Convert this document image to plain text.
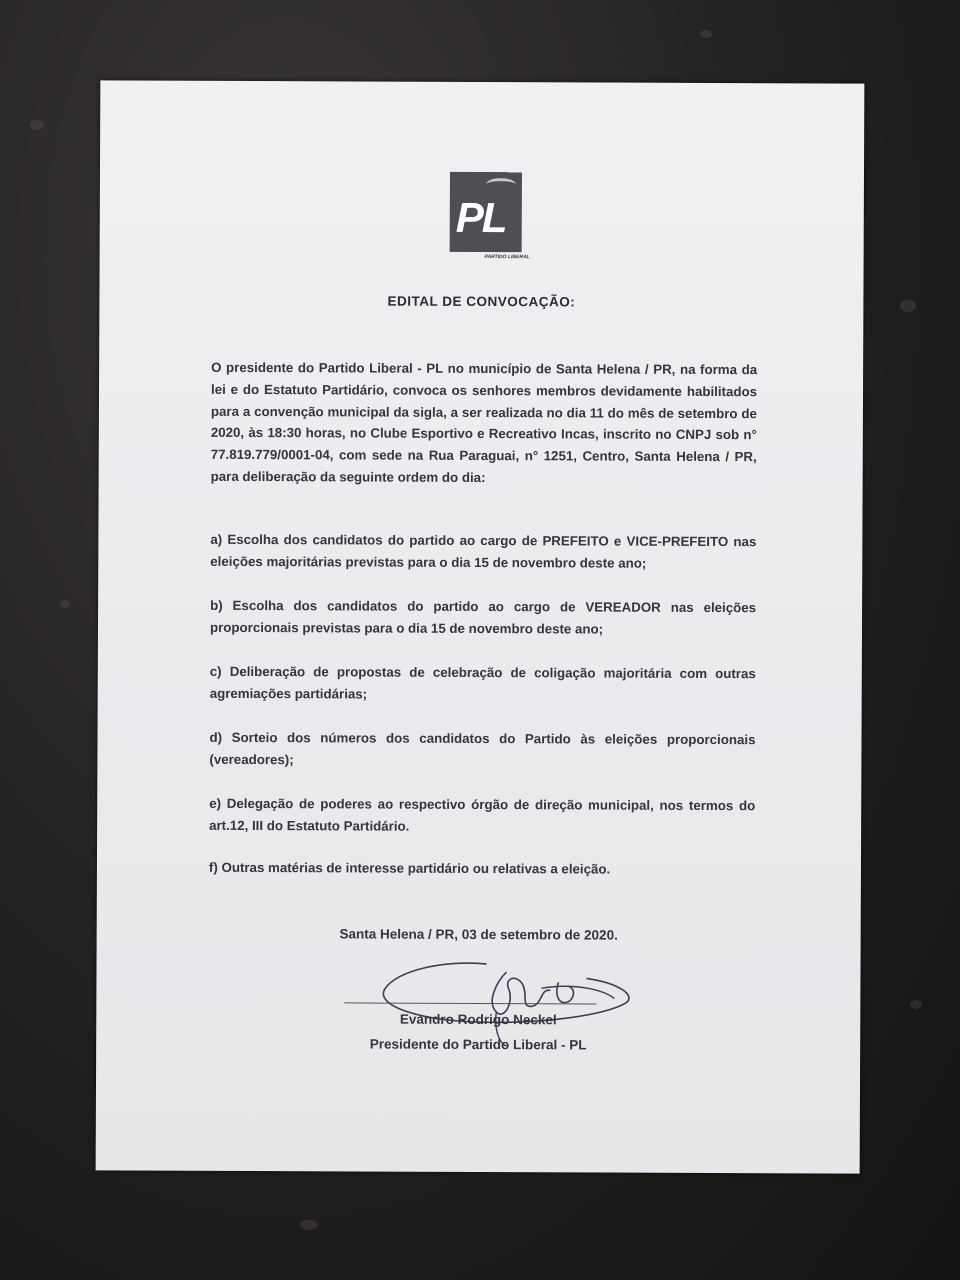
PL
PARTIDO LIBERAL
EDITAL DE CONVOCAÇÃO:
O presidente do Partido Liberal - PL no município de Santa Helena / PR, na forma da lei e do Estatuto Partidário, convoca os senhores membros devidamente habilitados para a convenção municipal da sigla, a ser realizada no dia 11 do mês de setembro de 2020, às 18:30 horas, no Clube Esportivo e Recreativo Incas, inscrito no CNPJ sob n° 77.819.779/0001-04, com sede na Rua Paraguai, n° 1251, Centro, Santa Helena / PR, para deliberação da seguinte ordem do dia:
a) Escolha dos candidatos do partido ao cargo de PREFEITO e VICE-PREFEITO nas eleições majoritárias previstas para o dia 15 de novembro deste ano;
b) Escolha dos candidatos do partido ao cargo de VEREADOR nas eleições proporcionais previstas para o dia 15 de novembro deste ano;
c) Deliberação de propostas de celebração de coligação majoritária com outras agremiações partidárias;
d) Sorteio dos números dos candidatos do Partido às eleições proporcionais (vereadores);
e) Delegação de poderes ao respectivo órgão de direção municipal, nos termos do art.12, III do Estatuto Partidário.
f) Outras matérias de interesse partidário ou relativas a eleição.
Santa Helena / PR, 03 de setembro de 2020.
Evandro Rodrigo Neckel
Presidente do Partido Liberal - PL
